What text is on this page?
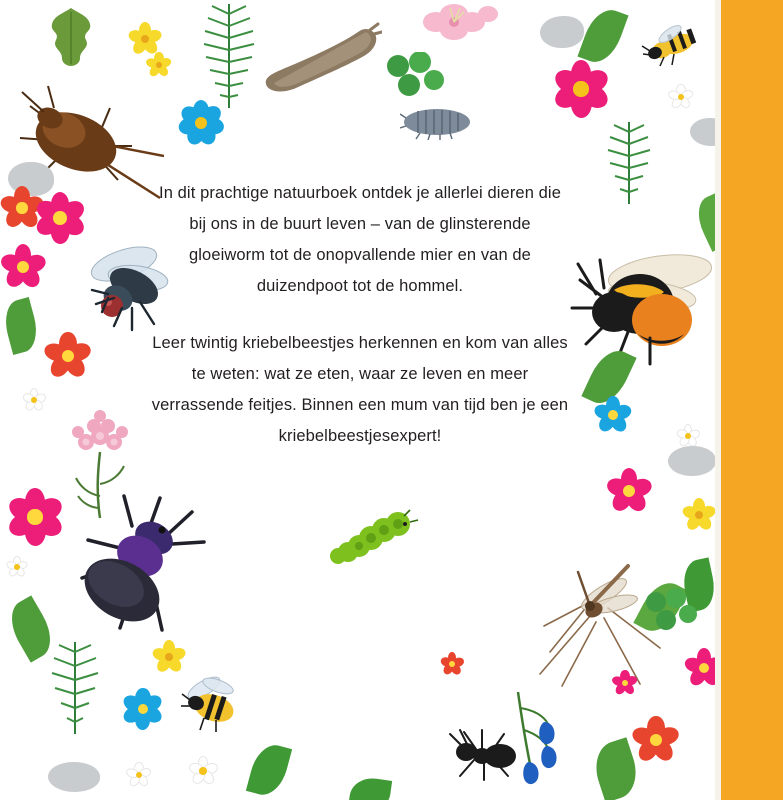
In dit prachtige natuurboek ontdek je allerlei dieren die bij ons in de buurt leven – van de glinsterende gloeiworm tot de onopvallende mier en van de duizendpoot tot de hommel.

Leer twintig kriebelbeestjes herkennen en kom van alles te weten: wat ze eten, waar ze leven en meer verrassende feitjes. Binnen een mum van tijd ben je een kriebelbeestjesexpert!
